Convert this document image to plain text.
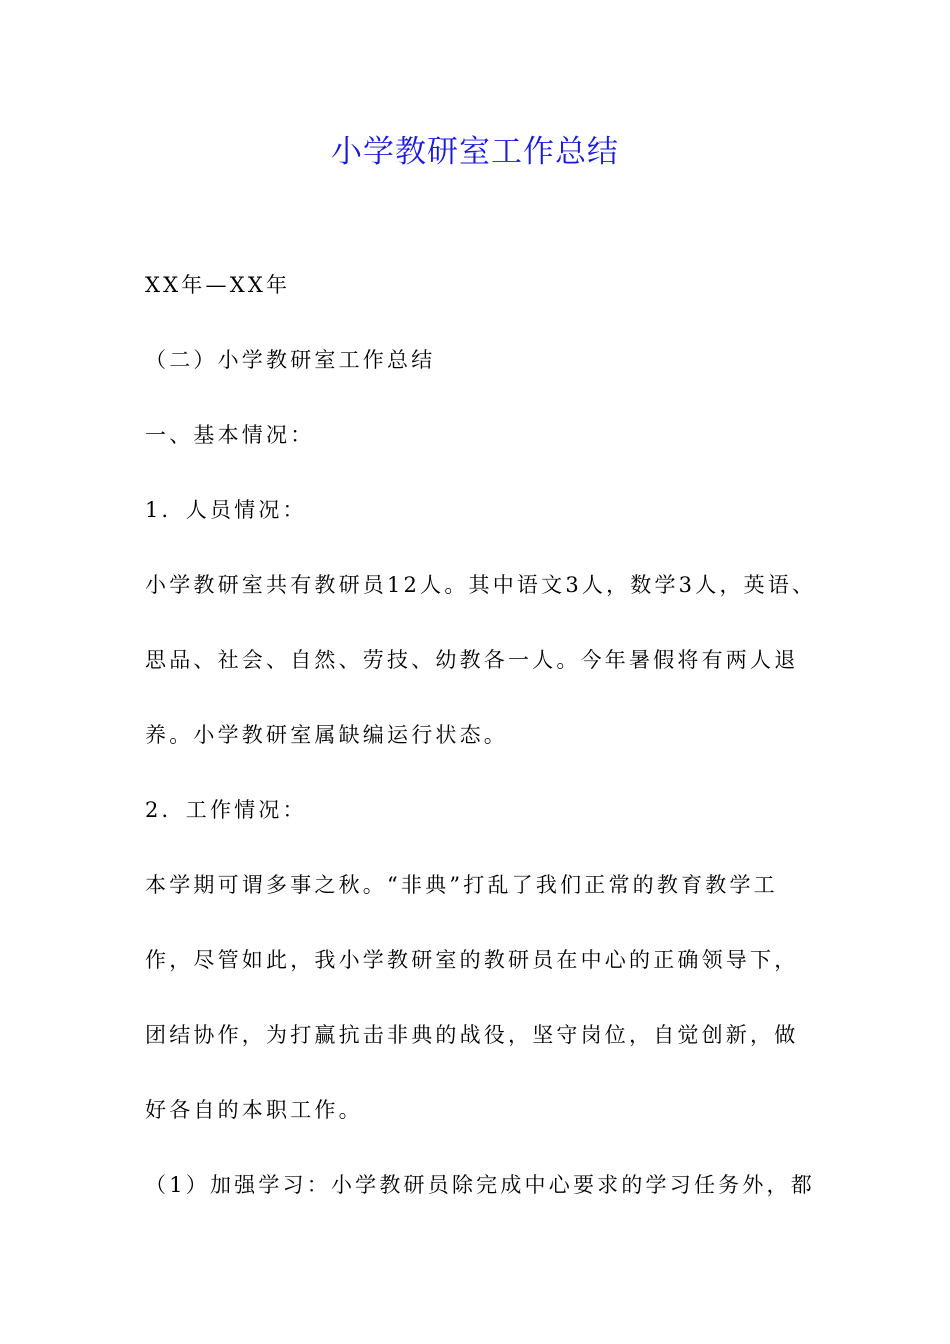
小学教研室工作总结
XX年—XX年
（二）小学教研室工作总结
一、基本情况：
1．人员情况：
小学教研室共有教研员12人。其中语文3人，数学3人，英语、
思品、社会、自然、劳技、幼教各一人。今年暑假将有两人退
养。小学教研室属缺编运行状态。
2．工作情况：
本学期可谓多事之秋。“非典”打乱了我们正常的教育教学工
作，尽管如此，我小学教研室的教研员在中心的正确领导下，
团结协作，为打赢抗击非典的战役，坚守岗位，自觉创新，做
好各自的本职工作。
（1）加强学习：小学教研员除完成中心要求的学习任务外，都
